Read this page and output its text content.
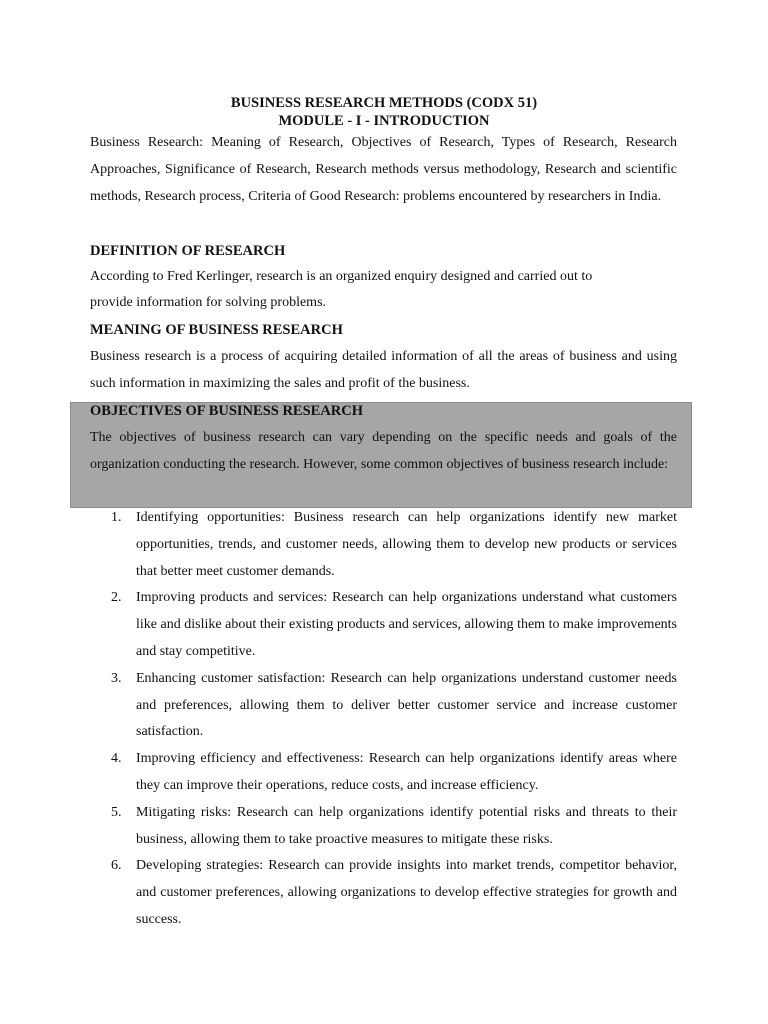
BUSINESS RESEARCH METHODS (CODX 51)

MODULE - I - INTRODUCTION

Business Research: Meaning of Research, Objectives of Research, Types of Research, Research Approaches, Significance of Research, Research methods versus methodology, Research and scientific methods, Research process, Criteria of Good Research: problems encountered by researchers in India.

DEFINITION OF RESEARCH

According to Fred Kerlinger, research is an organized enquiry designed and carried out to

provide information for solving problems.

MEANING OF BUSINESS RESEARCH

Business research is a process of acquiring detailed information of all the areas of business and using such information in maximizing the sales and profit of the business.

OBJECTIVES OF BUSINESS RESEARCH

The objectives of business research can vary depending on the specific needs and goals of the organization conducting the research. However, some common objectives of business research include:

1. Identifying opportunities: Business research can help organizations identify new market opportunities, trends, and customer needs, allowing them to develop new products or services that better meet customer demands.
2. Improving products and services: Research can help organizations understand what customers like and dislike about their existing products and services, allowing them to make improvements and stay competitive.
3. Enhancing customer satisfaction: Research can help organizations understand customer needs and preferences, allowing them to deliver better customer service and increase customer satisfaction.
4. Improving efficiency and effectiveness: Research can help organizations identify areas where they can improve their operations, reduce costs, and increase efficiency.
5. Mitigating risks: Research can help organizations identify potential risks and threats to their business, allowing them to take proactive measures to mitigate these risks.
6. Developing strategies: Research can provide insights into market trends, competitor behavior, and customer preferences, allowing organizations to develop effective strategies for growth and success.
